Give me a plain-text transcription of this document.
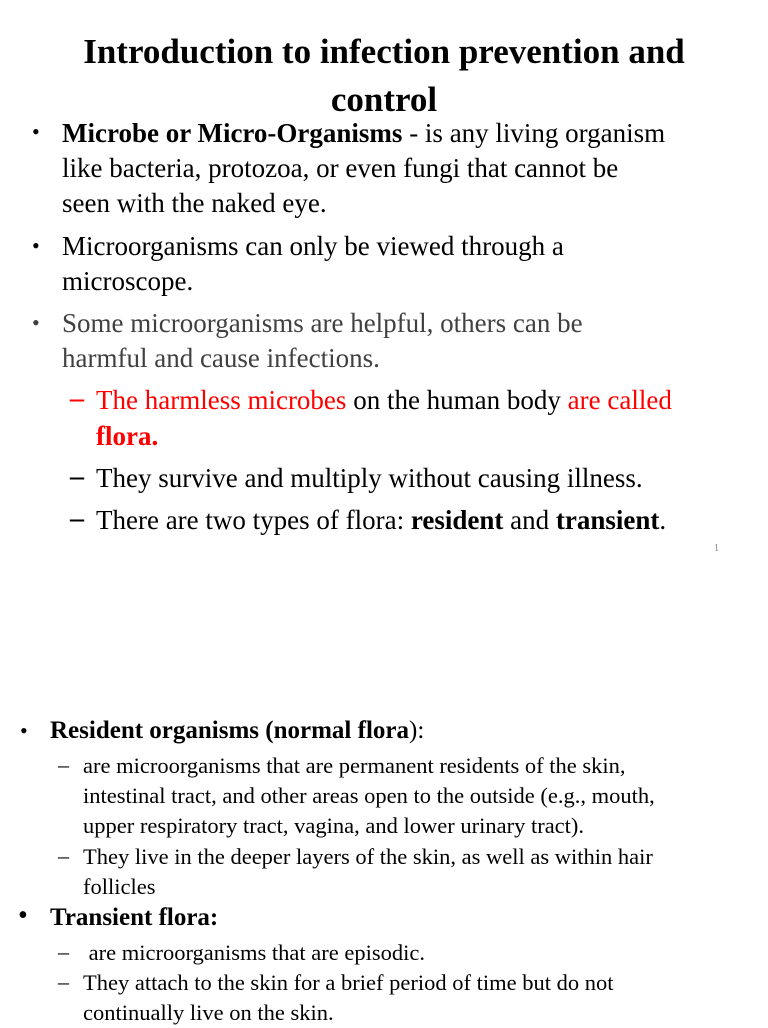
Introduction to infection prevention and control
• Microbe or Micro-Organisms - is any living organism
like bacteria, protozoa, or even fungi that cannot be
seen with the naked eye.
• Microorganisms can only be viewed through a
microscope.
• Some microorganisms are helpful, others can be
harmful and cause infections.
– The harmless microbes on the human body are called
flora.
– They survive and multiply without causing illness.
– There are two types of flora: resident and transient.
1
• Resident organisms (normal flora):
– are microorganisms that are permanent residents of the skin,
intestinal tract, and other areas open to the outside (e.g., mouth,
upper respiratory tract, vagina, and lower urinary tract).
– They live in the deeper layers of the skin, as well as within hair
follicles
• Transient flora:
– are microorganisms that are episodic.
– They attach to the skin for a brief period of time but do not
continually live on the skin.
